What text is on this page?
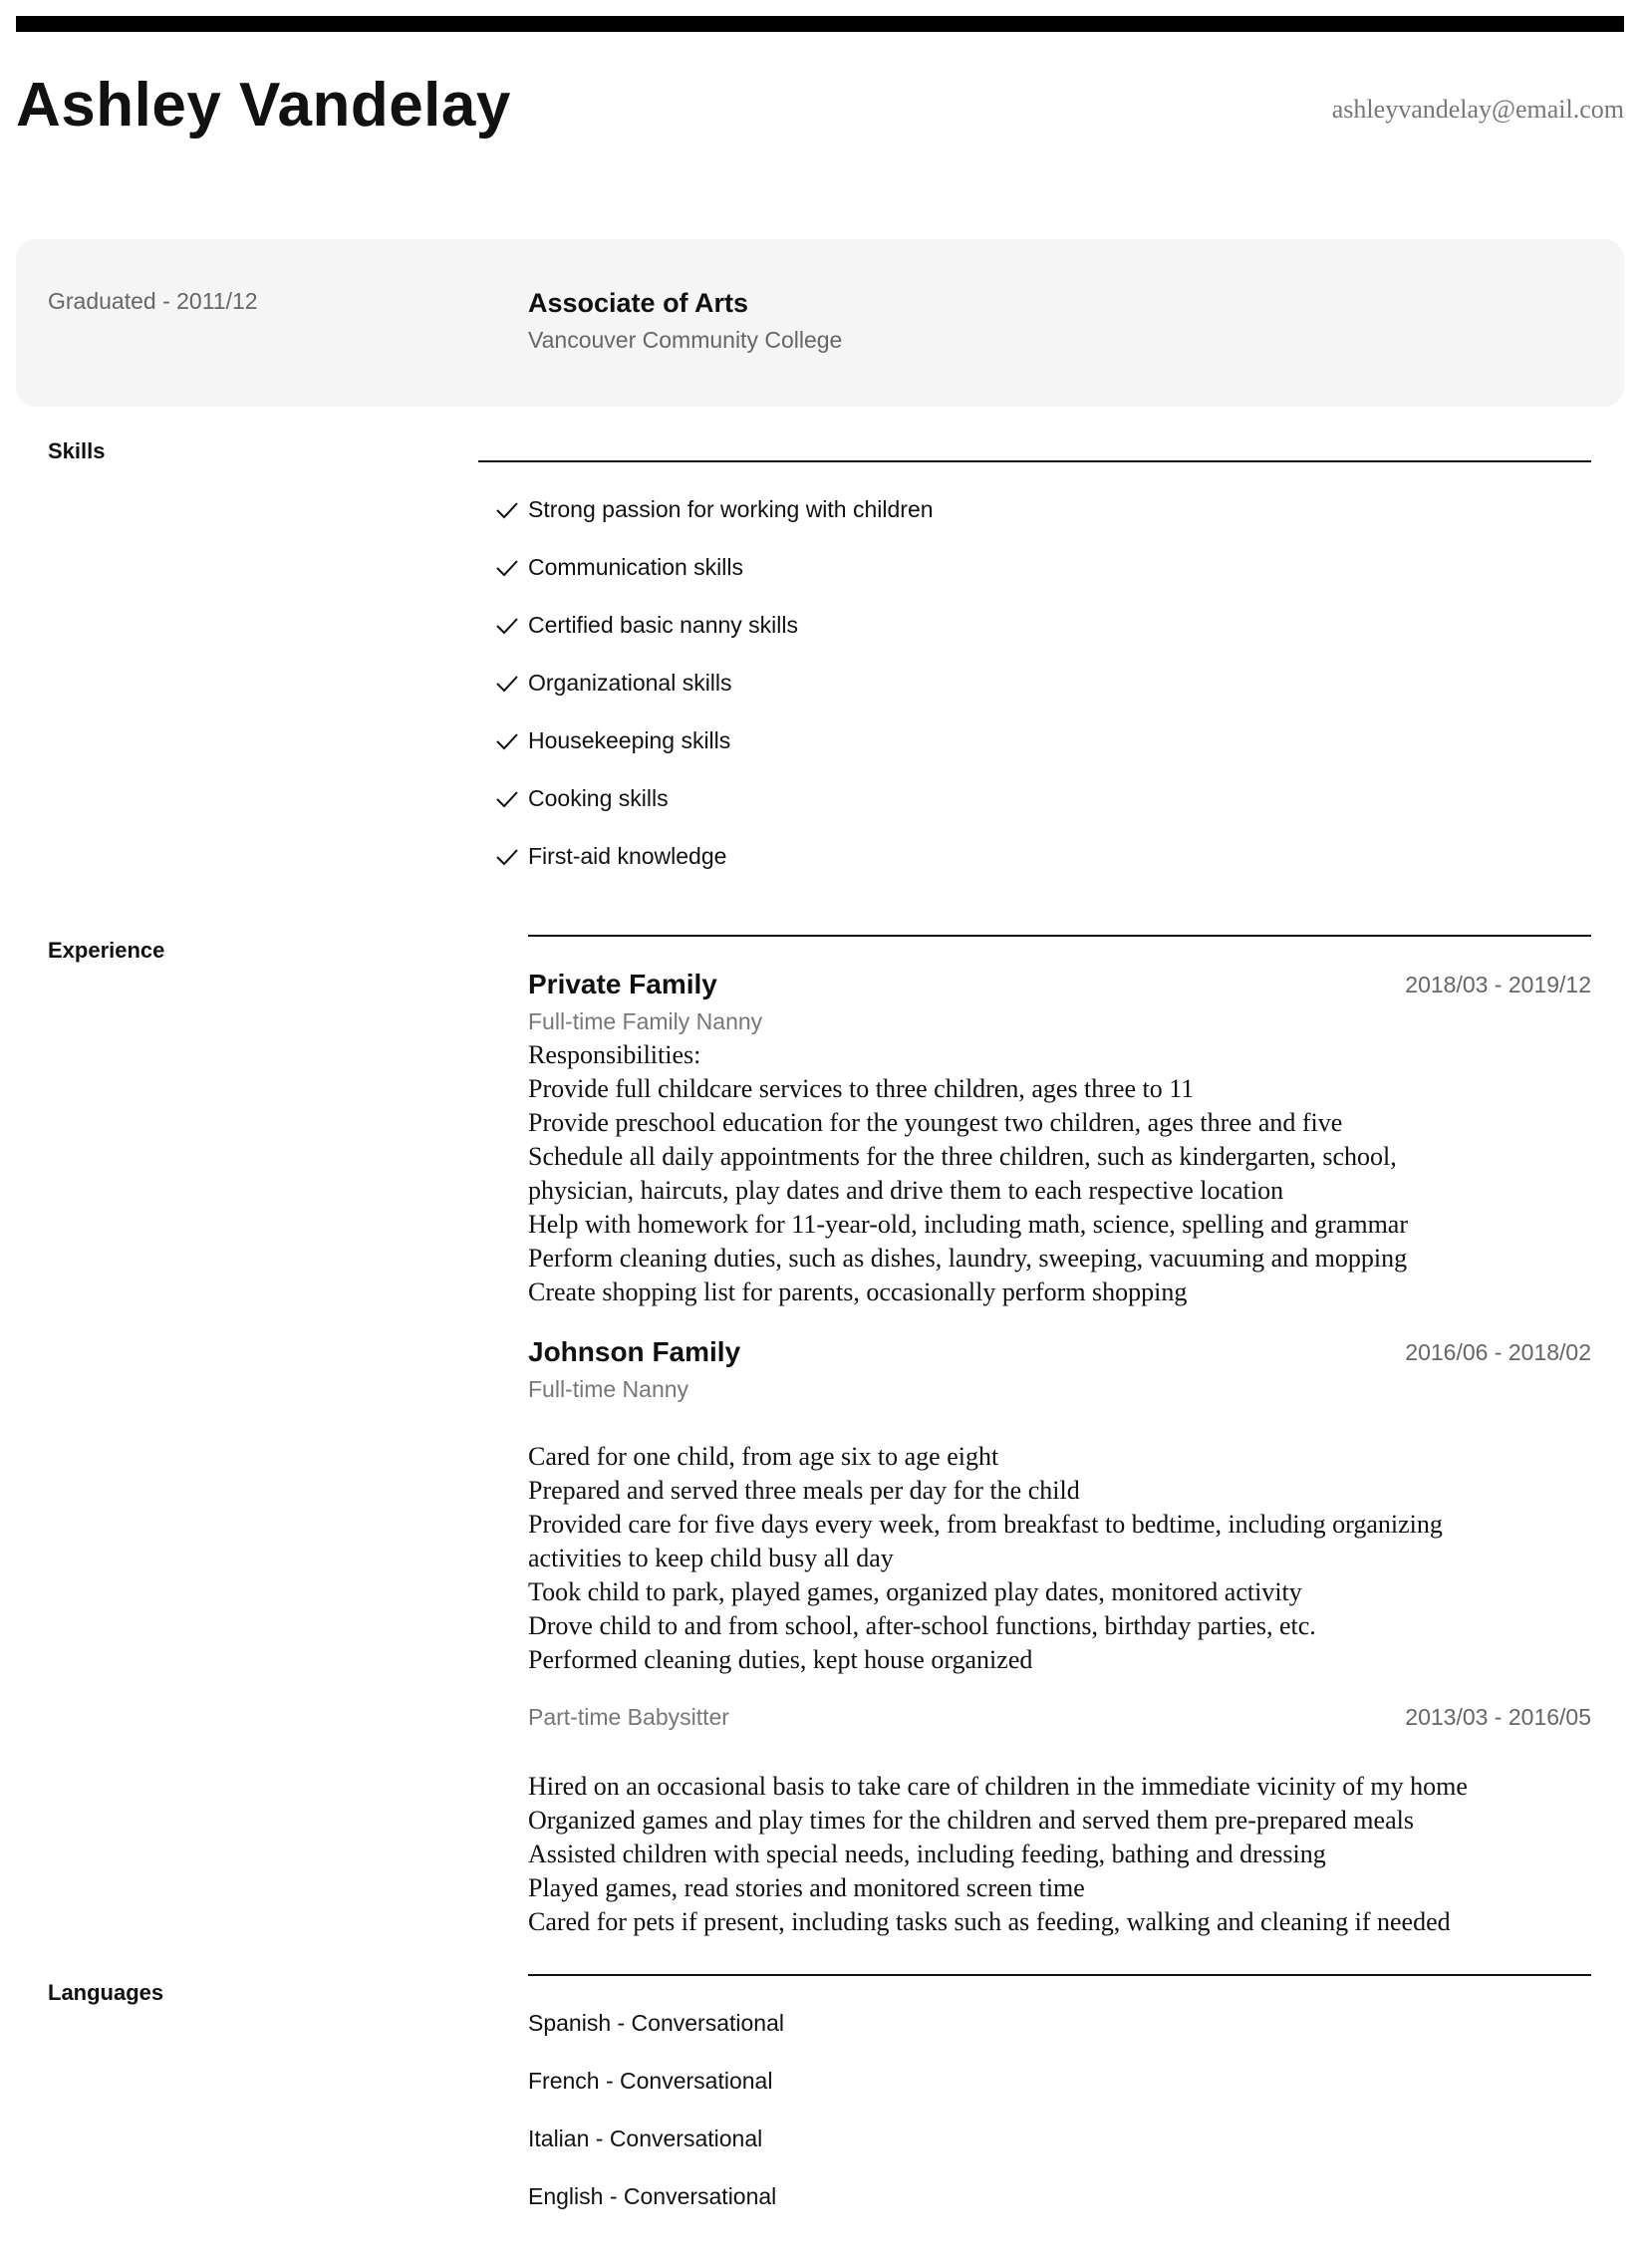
Ashley Vandelay	ashleyvandelay@email.com
Graduated - 2011/12	Associate of Arts
Vancouver Community College
Skills
Strong passion for working with children
Communication skills
Certified basic nanny skills
Organizational skills
Housekeeping skills
Cooking skills
First-aid knowledge
Experience
Private Family	2018/03 - 2019/12
Full-time Family Nanny
Responsibilities:
Provide full childcare services to three children, ages three to 11
Provide preschool education for the youngest two children, ages three and five
Schedule all daily appointments for the three children, such as kindergarten, school,
physician, haircuts, play dates and drive them to each respective location
Help with homework for 11-year-old, including math, science, spelling and grammar
Perform cleaning duties, such as dishes, laundry, sweeping, vacuuming and mopping
Create shopping list for parents, occasionally perform shopping
Johnson Family	2016/06 - 2018/02
Full-time Nanny
Cared for one child, from age six to age eight
Prepared and served three meals per day for the child
Provided care for five days every week, from breakfast to bedtime, including organizing
activities to keep child busy all day
Took child to park, played games, organized play dates, monitored activity
Drove child to and from school, after-school functions, birthday parties, etc.
Performed cleaning duties, kept house organized
Part-time Babysitter	2013/03 - 2016/05
Hired on an occasional basis to take care of children in the immediate vicinity of my home
Organized games and play times for the children and served them pre-prepared meals
Assisted children with special needs, including feeding, bathing and dressing
Played games, read stories and monitored screen time
Cared for pets if present, including tasks such as feeding, walking and cleaning if needed
Languages
Spanish - Conversational
French - Conversational
Italian - Conversational
English - Conversational
